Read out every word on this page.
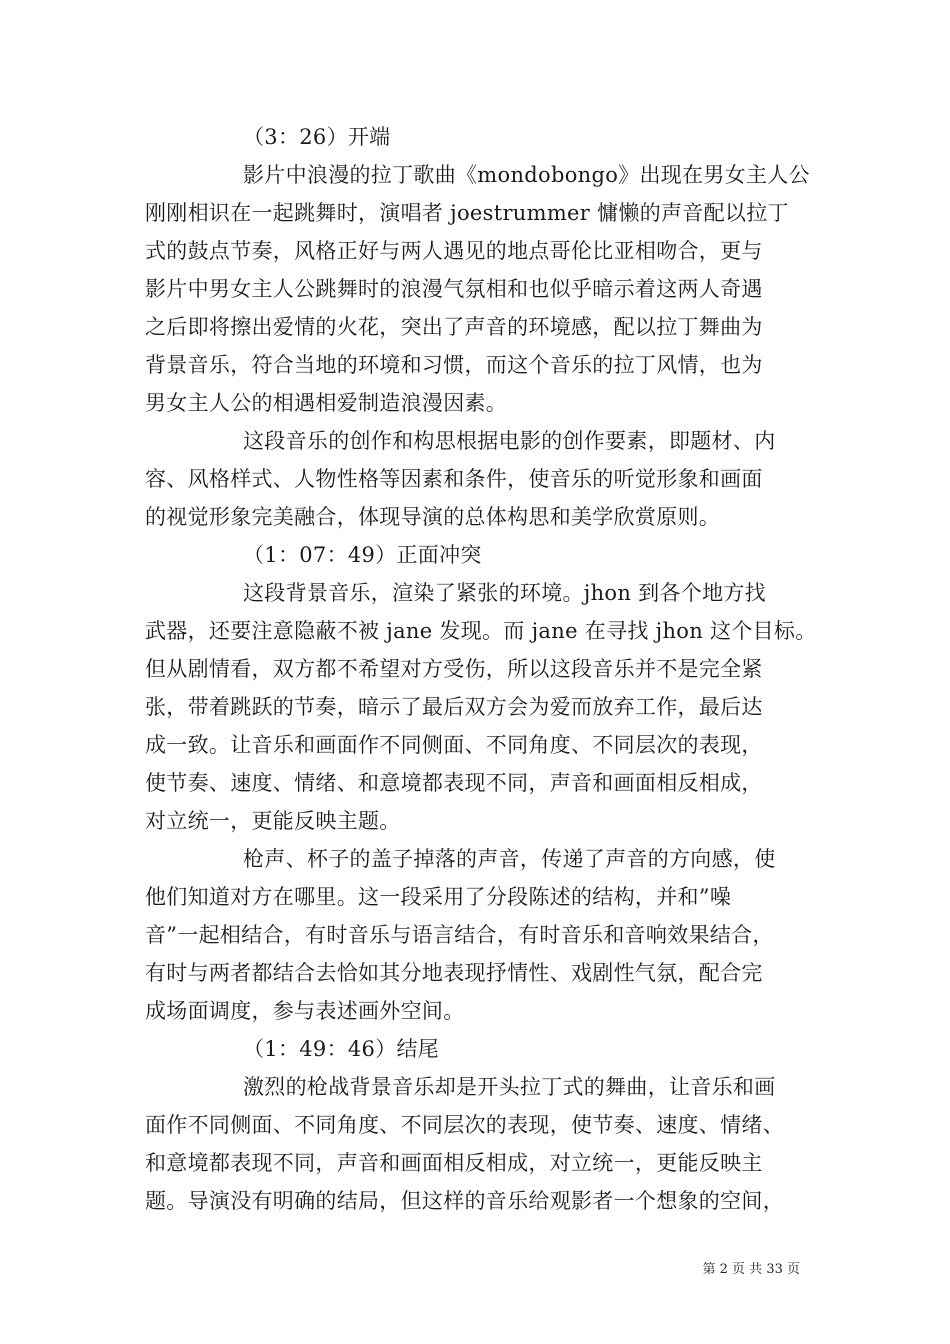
（3：26）开端
影片中浪漫的拉丁歌曲《mondobongo》出现在男女主人公
刚刚相识在一起跳舞时，演唱者 joestrummer 慵懒的声音配以拉丁
式的鼓点节奏，风格正好与两人遇见的地点哥伦比亚相吻合，更与
影片中男女主人公跳舞时的浪漫气氛相和也似乎暗示着这两人奇遇
之后即将擦出爱情的火花，突出了声音的环境感，配以拉丁舞曲为
背景音乐，符合当地的环境和习惯，而这个音乐的拉丁风情，也为
男女主人公的相遇相爱制造浪漫因素。
这段音乐的创作和构思根据电影的创作要素，即题材、内
容、风格样式、人物性格等因素和条件，使音乐的听觉形象和画面
的视觉形象完美融合，体现导演的总体构思和美学欣赏原则。
（1：07：49）正面冲突
这段背景音乐，渲染了紧张的环境。jhon 到各个地方找
武器，还要注意隐蔽不被 jane 发现。而 jane 在寻找 jhon 这个目标。
但从剧情看，双方都不希望对方受伤，所以这段音乐并不是完全紧
张，带着跳跃的节奏，暗示了最后双方会为爱而放弃工作，最后达
成一致。让音乐和画面作不同侧面、不同角度、不同层次的表现，
使节奏、速度、情绪、和意境都表现不同，声音和画面相反相成，
对立统一，更能反映主题。
枪声、杯子的盖子掉落的声音，传递了声音的方向感，使
他们知道对方在哪里。这一段采用了分段陈述的结构，并和”噪
音”一起相结合，有时音乐与语言结合，有时音乐和音响效果结合，
有时与两者都结合去恰如其分地表现抒情性、戏剧性气氛，配合完
成场面调度，参与表述画外空间。
（1：49：46）结尾
激烈的枪战背景音乐却是开头拉丁式的舞曲，让音乐和画
面作不同侧面、不同角度、不同层次的表现，使节奏、速度、情绪、
和意境都表现不同，声音和画面相反相成，对立统一，更能反映主
题。导演没有明确的结局，但这样的音乐给观影者一个想象的空间，
第 2 页 共 33 页
